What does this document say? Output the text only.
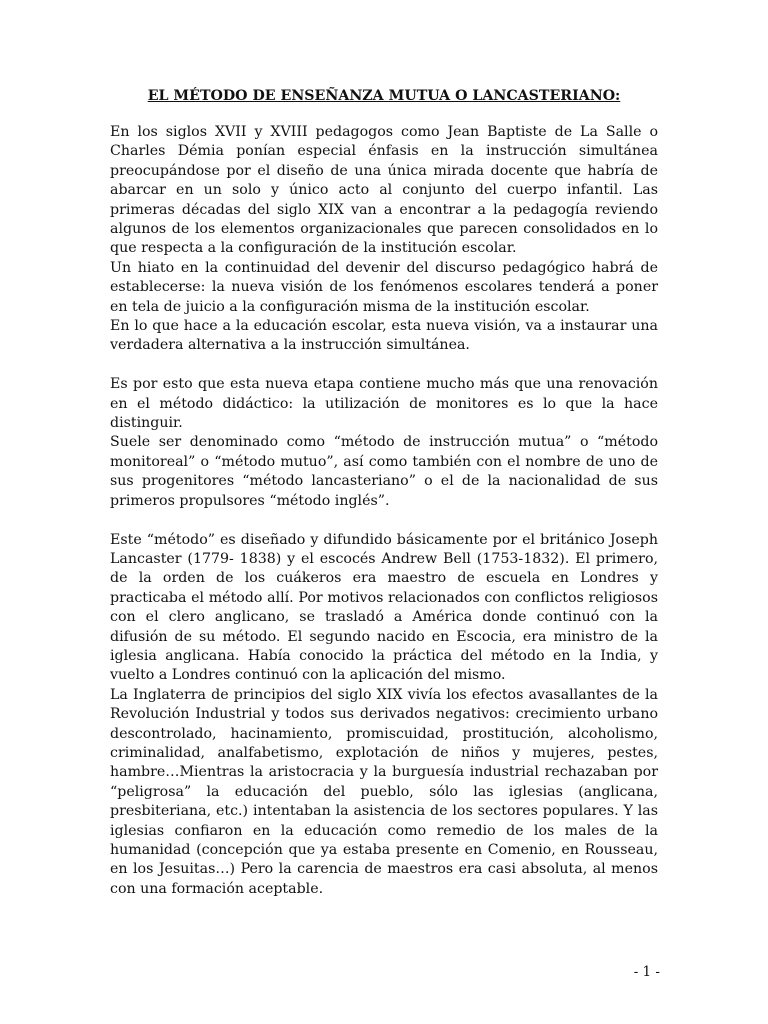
EL MÉTODO DE ENSEÑANZA MUTUA O LANCASTERIANO:

En los siglos XVII y XVIII pedagogos como Jean Baptiste de La Salle o Charles Démia ponían especial énfasis en la instrucción simultánea preocupándose por el diseño de una única mirada docente que habría de abarcar en un solo y único acto al conjunto del cuerpo infantil. Las primeras décadas del siglo XIX van a encontrar a la pedagogía reviendo algunos de los elementos organizacionales que parecen consolidados en lo que respecta a la configuración de la institución escolar.

Un hiato en la continuidad del devenir del discurso pedagógico habrá de establecerse: la nueva visión de los fenómenos escolares tenderá a poner en tela de juicio a la configuración misma de la institución escolar.

En lo que hace a la educación escolar, esta nueva visión, va a instaurar una verdadera alternativa a la instrucción simultánea.

Es por esto que esta nueva etapa contiene mucho más que una renovación en el método didáctico: la utilización de monitores es lo que la hace distinguir.

Suele ser denominado como “método de instrucción mutua” o “método monitoreal” o “método mutuo”, así como también con el nombre de uno de sus progenitores “método lancasteriano” o el de la nacionalidad de sus primeros propulsores “método inglés”.

Este “método” es diseñado y difundido básicamente por el británico Joseph Lancaster (1779- 1838) y el escocés Andrew Bell (1753-1832). El primero, de la orden de los cuákeros era maestro de escuela en Londres y practicaba el método allí. Por motivos relacionados con conflictos religiosos con el clero anglicano, se trasladó a América donde continuó con la difusión de su método. El segundo nacido en Escocia, era ministro de la iglesia anglicana. Había conocido la práctica del método en la India, y vuelto a Londres continuó con la aplicación del mismo.

La Inglaterra de principios del siglo XIX vivía los efectos avasallantes de la Revolución Industrial y todos sus derivados negativos: crecimiento urbano descontrolado, hacinamiento, promiscuidad, prostitución, alcoholismo, criminalidad, analfabetismo, explotación de niños y mujeres, pestes, hambre…Mientras la aristocracia y la burguesía industrial rechazaban por “peligrosa” la educación del pueblo, sólo las iglesias (anglicana, presbiteriana, etc.) intentaban la asistencia de los sectores populares. Y las iglesias confiaron en la educación como remedio de los males de la humanidad (concepción que ya estaba presente en Comenio, en Rousseau, en los Jesuitas…) Pero la carencia de maestros era casi absoluta, al menos con una formación aceptable.

- 1 -
